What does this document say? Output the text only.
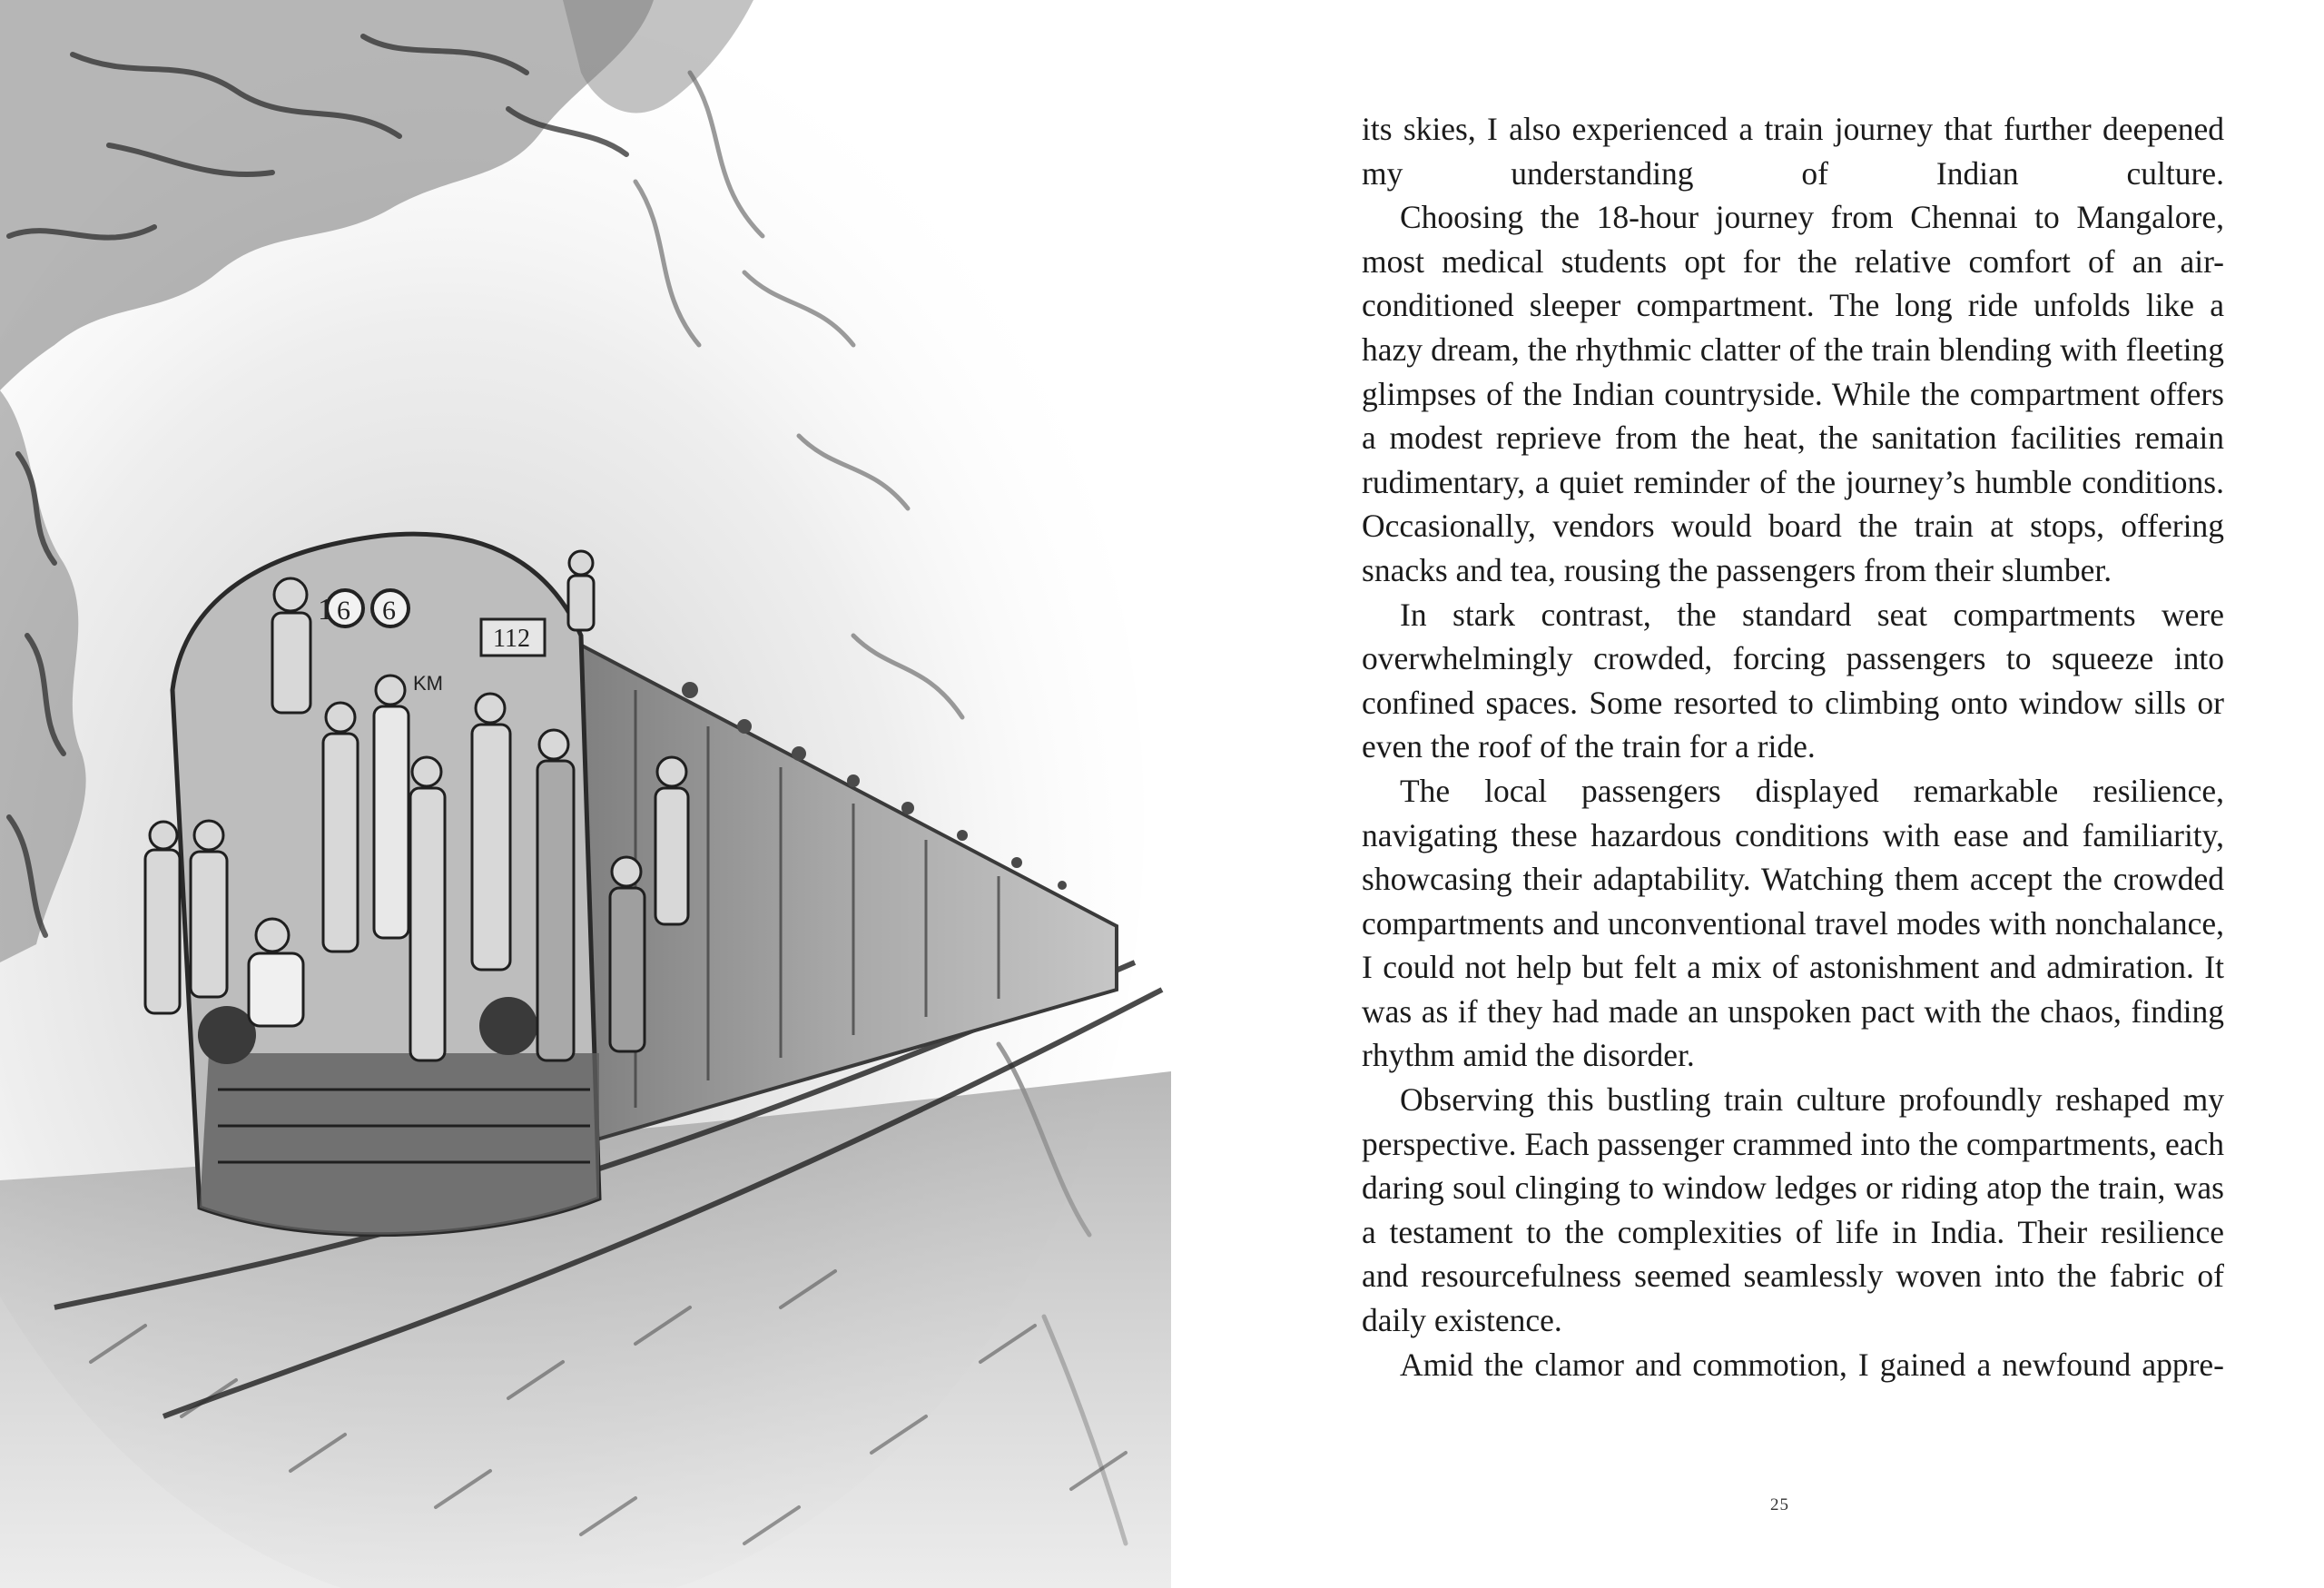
1 6 6
112
KM

its skies, I also experienced a train journey that further deepened my understanding of Indian culture.

Choosing the 18-hour journey from Chennai to Mangalore, most medical students opt for the relative comfort of an air-conditioned sleeper compartment. The long ride unfolds like a hazy dream, the rhythmic clatter of the train blending with fleeting glimpses of the Indian countryside. While the compartment offers a modest reprieve from the heat, the sanitation facilities remain rudimentary, a quiet reminder of the journey’s humble conditions. Occasionally, vendors would board the train at stops, offering snacks and tea, rousing the passengers from their slumber.

In stark contrast, the standard seat compartments were overwhelmingly crowded, forcing passengers to squeeze into confined spaces. Some resorted to climbing onto window sills or even the roof of the train for a ride.

The local passengers displayed remarkable resilience, navigating these hazardous conditions with ease and familiarity, showcasing their adaptability. Watching them accept the crowded compartments and unconventional travel modes with nonchalance, I could not help but felt a mix of astonishment and admiration. It was as if they had made an unspoken pact with the chaos, finding rhythm amid the disorder.

Observing this bustling train culture profoundly reshaped my perspective. Each passenger crammed into the compartments, each daring soul clinging to window ledges or riding atop the train, was a testament to the complexities of life in India. Their resilience and resourcefulness seemed seamlessly woven into the fabric of daily existence.

Amid the clamor and commotion, I gained a newfound appre-

25
